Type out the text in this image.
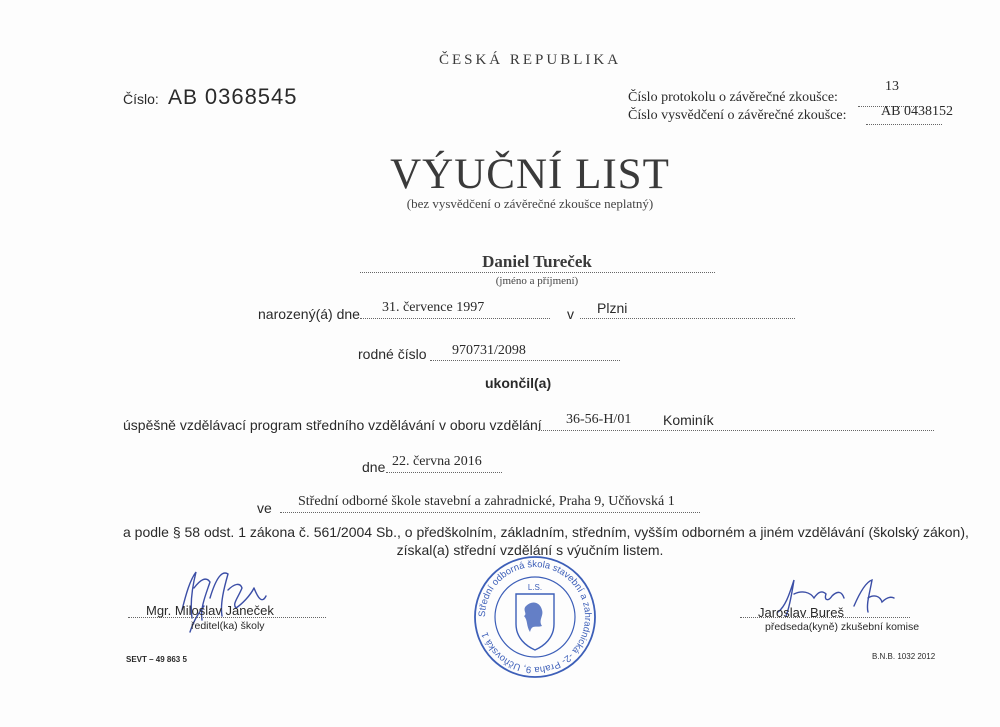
ČESKÁ REPUBLIKA
Číslo: AB 0368545	Číslo protokolu o závěrečné zkoušce:
13
Číslo vysvědčení o závěrečné zkoušce: AB 0438152
VÝUČNÍ LIST
(bez vysvědčení o závěrečné zkoušce neplatný)
Daniel Tureček
(jméno a příjmení)
narozený(á) dne 31. července 1997	v Plzni
rodné číslo 970731/2098
ukončil(a)
úspěšně vzdělávací program středního vzdělávání v oboru vzdělání 36-56-H/01 Kominík
dne 22. června 2016
ve Střední odborné škole stavební a zahradnické, Praha 9, Učňovská 1
a podle § 58 odst. 1 zákona č. 561/2004 Sb., o předškolním, základním, středním, vyšším odborném a jiném vzdělávání (školský zákon),
získal(a) střední vzdělání s výučním listem.
Mgr. Miloslav Janeček
ředitel(ka) školy
Střední odborná škola stavební a zahradnická -2- Praha 9, Učňovská 1
L.S.
Jaroslav Bureš
předseda(kyně) zkušební komise
SEVT – 49 863 5	B.N.B. 1032 2012
